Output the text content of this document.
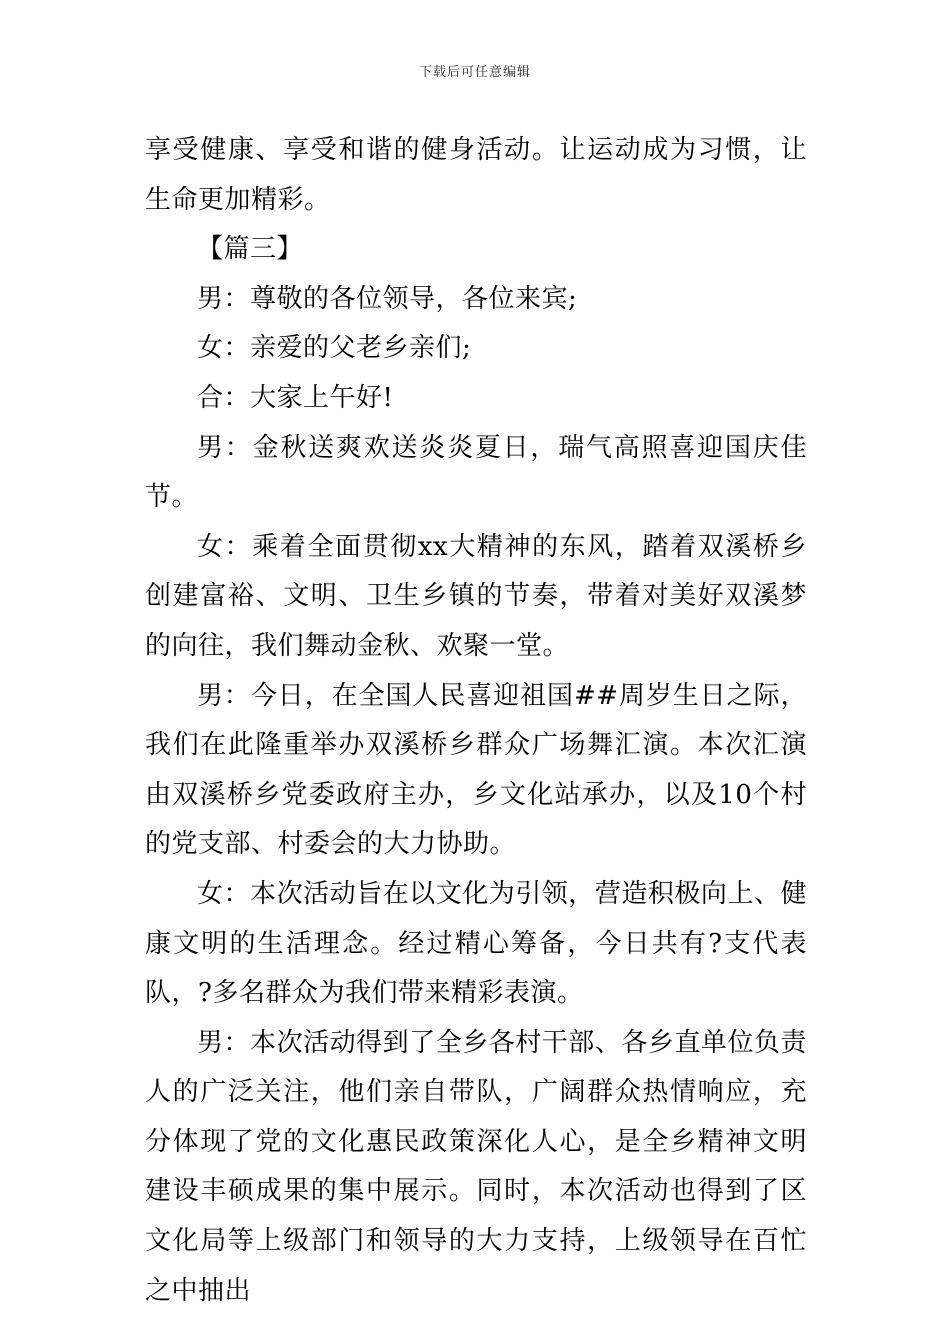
下载后可任意编辑

享受健康、享受和谐的健身活动。让运动成为习惯，让生命更加精彩。

【篇三】

男：尊敬的各位领导，各位来宾;

女：亲爱的父老乡亲们;

合：大家上午好!

男：金秋送爽欢送炎炎夏日，瑞气高照喜迎国庆佳节。

女：乘着全面贯彻xx大精神的东风，踏着双溪桥乡创建富裕、文明、卫生乡镇的节奏，带着对美好双溪梦的向往，我们舞动金秋、欢聚一堂。

男：今日，在全国人民喜迎祖国##周岁生日之际，我们在此隆重举办双溪桥乡群众广场舞汇演。本次汇演由双溪桥乡党委政府主办，乡文化站承办，以及10个村的党支部、村委会的大力协助。

女：本次活动旨在以文化为引领，营造积极向上、健康文明的生活理念。经过精心筹备，今日共有?支代表队，?多名群众为我们带来精彩表演。

男：本次活动得到了全乡各村干部、各乡直单位负责人的广泛关注，他们亲自带队，广阔群众热情响应，充分体现了党的文化惠民政策深化人心，是全乡精神文明建设丰硕成果的集中展示。同时，本次活动也得到了区文化局等上级部门和领导的大力支持，上级领导在百忙之中抽出
